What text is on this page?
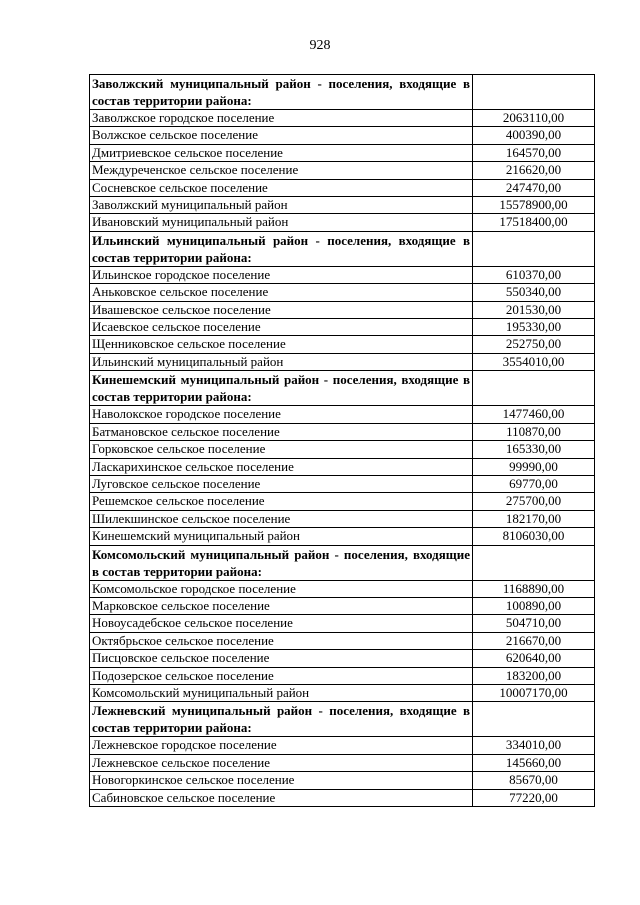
928
Заволжский муниципальный район - поселения, входящие в состав территории района:	
Заволжское городское поселение	2063110,00
Волжское сельское поселение	400390,00
Дмитриевское сельское поселение	164570,00
Междуреченское сельское поселение	216620,00
Сосневское сельское поселение	247470,00
Заволжский муниципальный район	15578900,00
Ивановский муниципальный район	17518400,00
Ильинский муниципальный район - поселения, входящие в состав территории района:	
Ильинское городское поселение	610370,00
Аньковское сельское поселение	550340,00
Ивашевское сельское поселение	201530,00
Исаевское сельское поселение	195330,00
Щенниковское сельское поселение	252750,00
Ильинский муниципальный район	3554010,00
Кинешемский муниципальный район - поселения, входящие в состав территории района:	
Наволокское городское поселение	1477460,00
Батмановское сельское поселение	110870,00
Горковское сельское поселение	165330,00
Ласкарихинское сельское поселение	99990,00
Луговское сельское поселение	69770,00
Решемское сельское поселение	275700,00
Шилекшинское сельское поселение	182170,00
Кинешемский муниципальный район	8106030,00
Комсомольский муниципальный район - поселения, входящие в состав территории района:	
Комсомольское городское поселение	1168890,00
Марковское сельское поселение	100890,00
Новоусадебское сельское поселение	504710,00
Октябрьское сельское поселение	216670,00
Писцовское сельское поселение	620640,00
Подозерское сельское поселение	183200,00
Комсомольский муниципальный район	10007170,00
Лежневский муниципальный район - поселения, входящие в состав территории района:	
Лежневское городское поселение	334010,00
Лежневское сельское поселение	145660,00
Новогоркинское сельское поселение	85670,00
Сабиновское сельское поселение	77220,00
